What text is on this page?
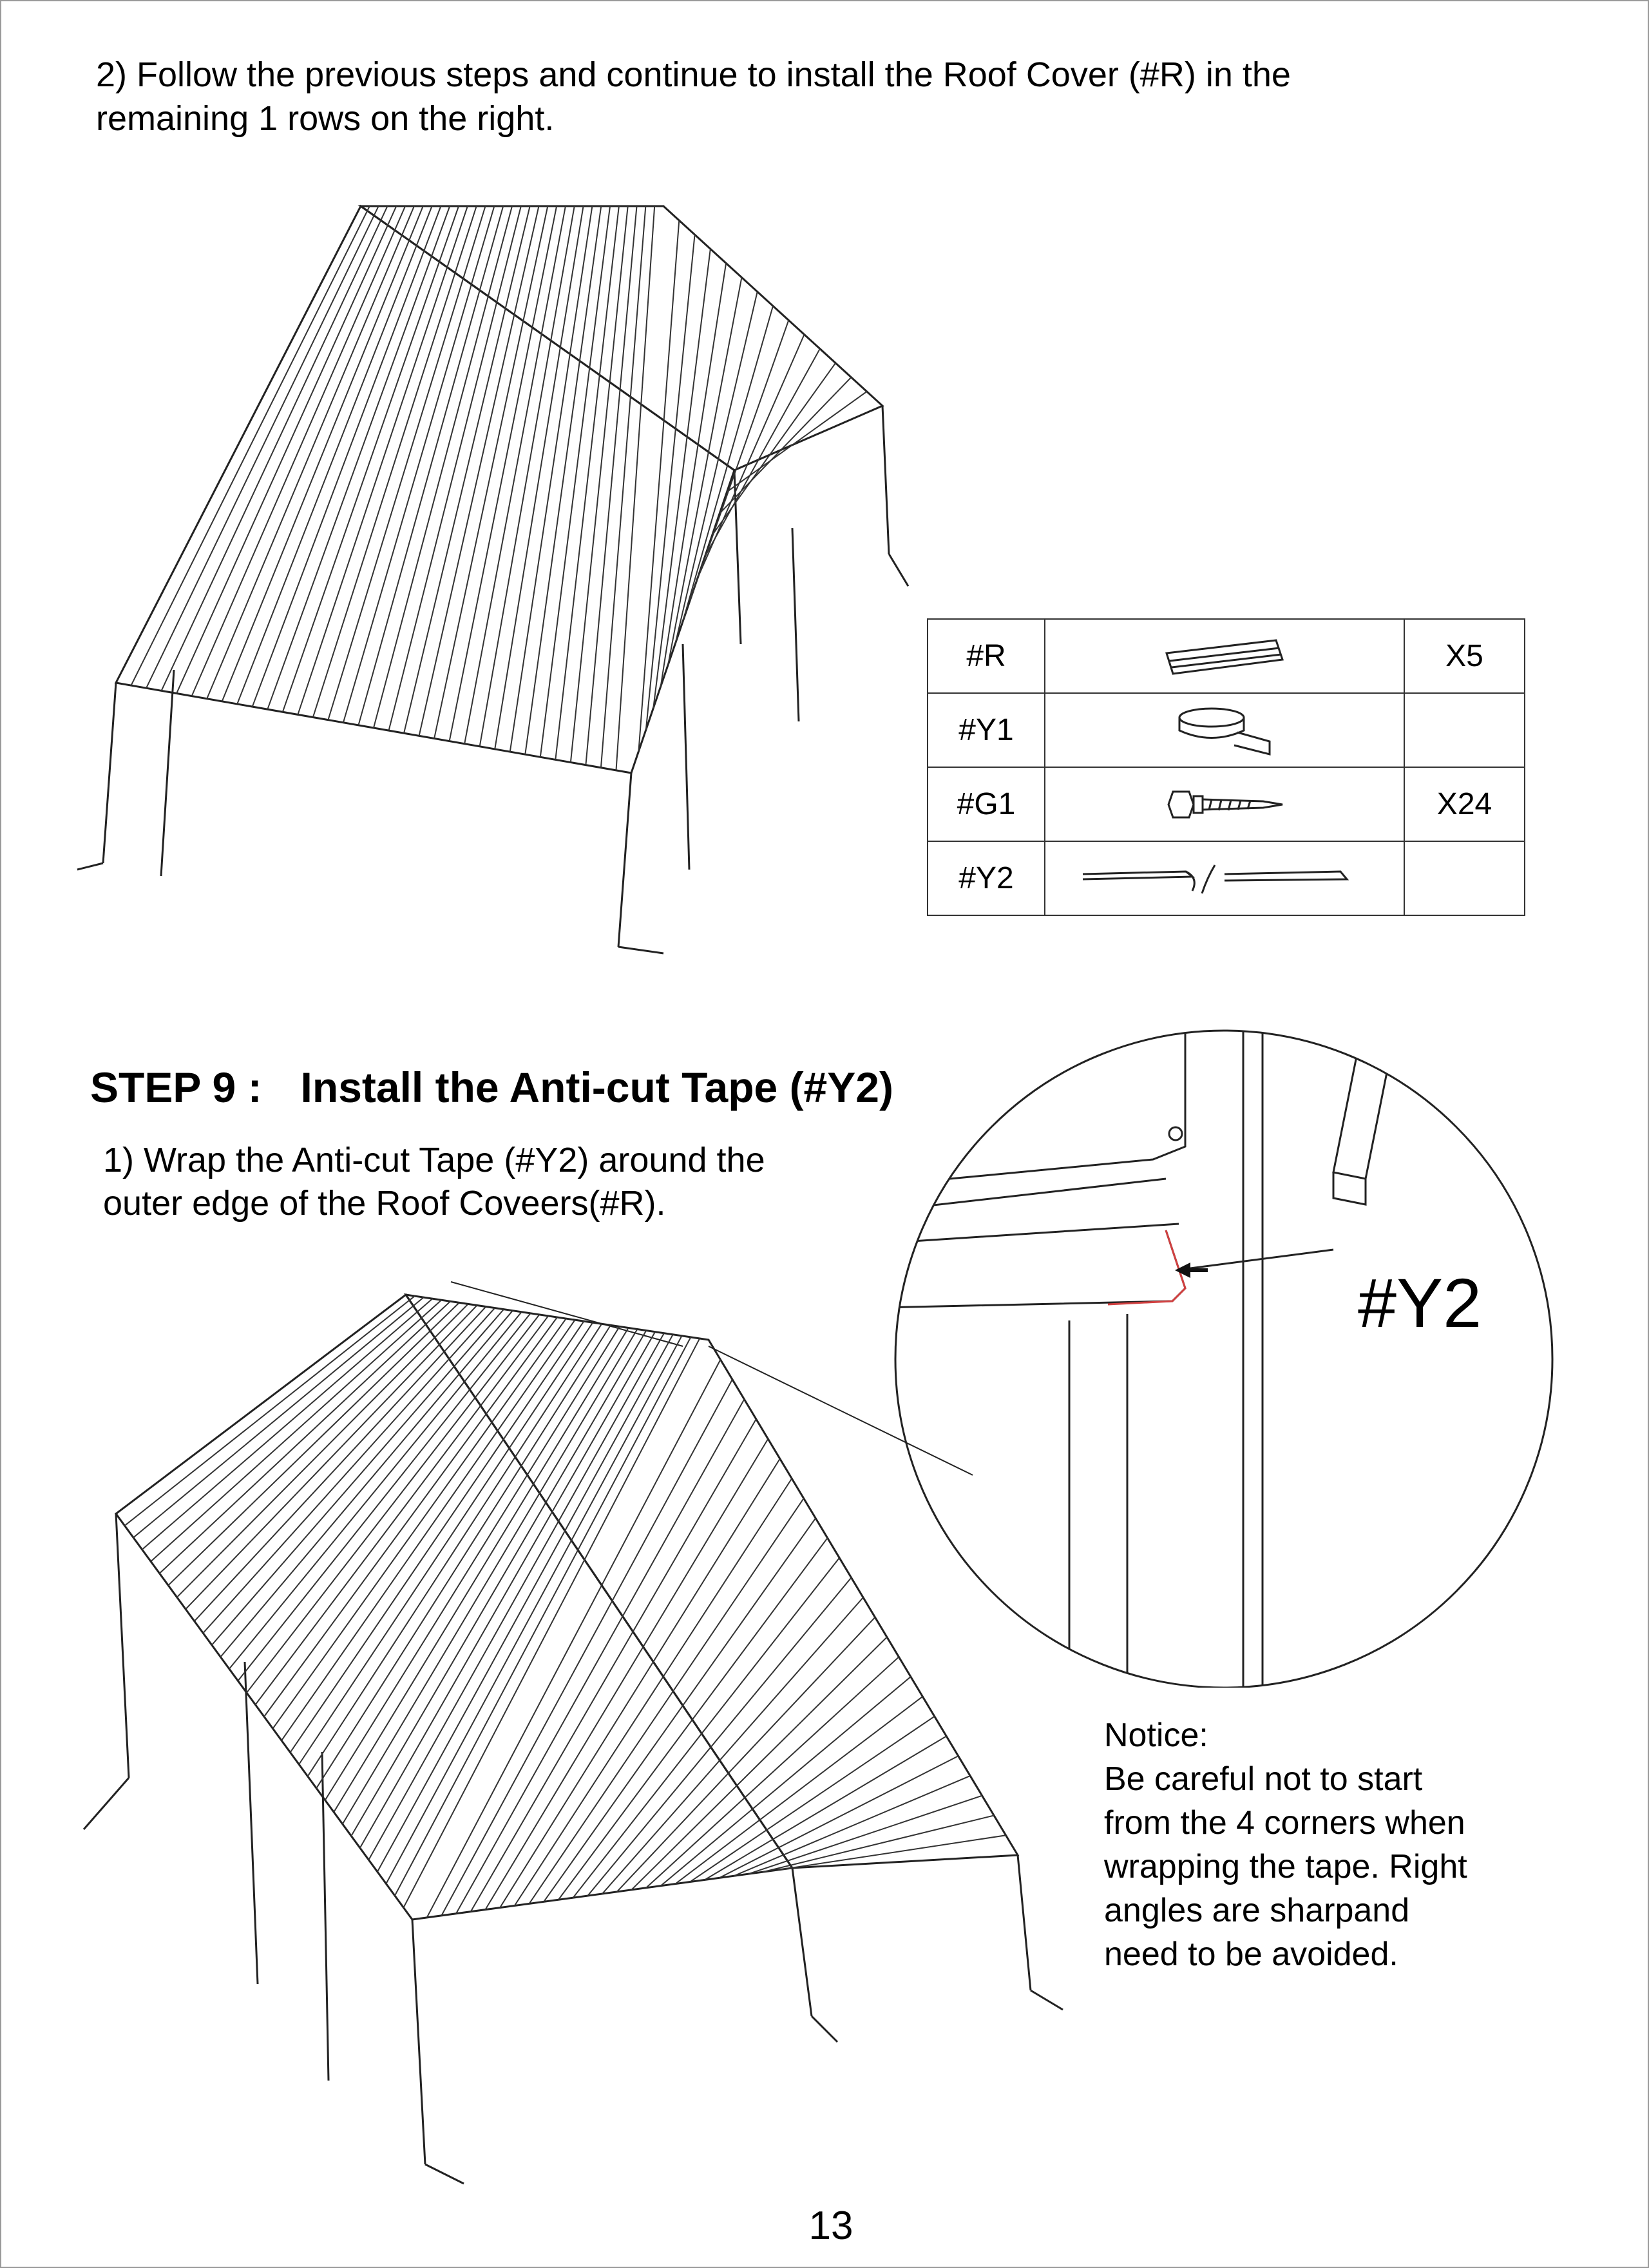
2) Follow the previous steps and continue to install the Roof Cover (#R) in the
remaining 1 rows on the right.
#R		X5
#Y1	

#G1		X24
#Y2	

STEP 9 : Install the Anti-cut Tape (#Y2)
1) Wrap the Anti-cut Tape (#Y2) around the
outer edge of the Roof Coveers(#R).
#Y2
Notice:
Be careful not to start
from the 4 corners when
wrapping the tape. Right
angles are sharpand
need to be avoided.
13
